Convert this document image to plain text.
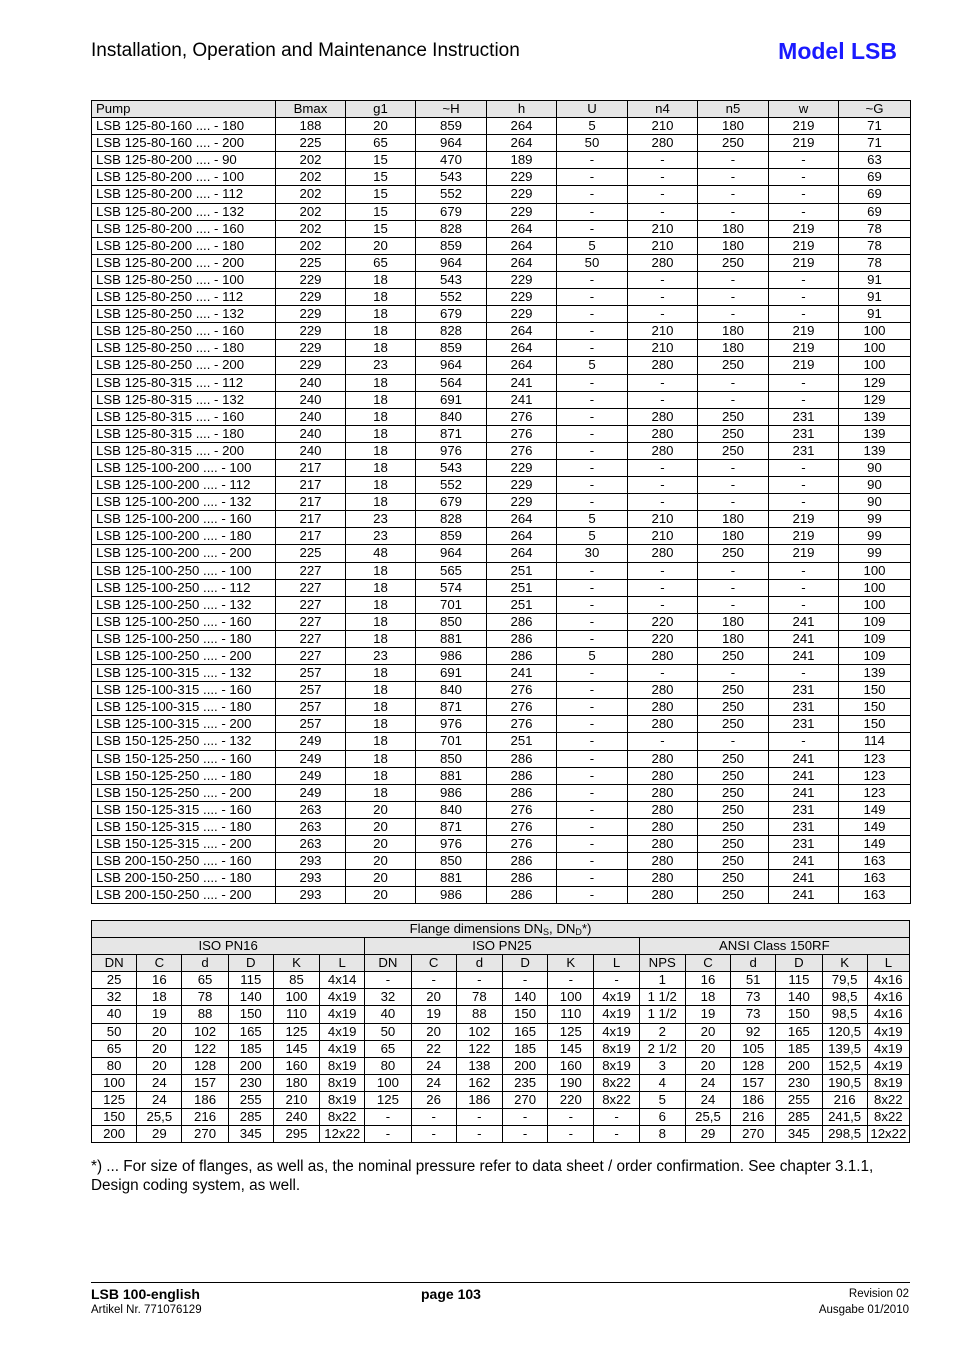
Installation, Operation and Maintenance Instruction	Model LSB
Pump	Bmax	g1	~H	h	U	n4	n5	w	~G
LSB 125-80-160 .... - 180	188	20	859	264	5	210	180	219	71
LSB 125-80-160 .... - 200	225	65	964	264	50	280	250	219	71
LSB 125-80-200 .... - 90	202	15	470	189	-	-	-	-	63
LSB 125-80-200 .... - 100	202	15	543	229	-	-	-	-	69
LSB 125-80-200 .... - 112	202	15	552	229	-	-	-	-	69
LSB 125-80-200 .... - 132	202	15	679	229	-	-	-	-	69
LSB 125-80-200 .... - 160	202	15	828	264	-	210	180	219	78
LSB 125-80-200 .... - 180	202	20	859	264	5	210	180	219	78
LSB 125-80-200 .... - 200	225	65	964	264	50	280	250	219	78
LSB 125-80-250 .... - 100	229	18	543	229	-	-	-	-	91
LSB 125-80-250 .... - 112	229	18	552	229	-	-	-	-	91
LSB 125-80-250 .... - 132	229	18	679	229	-	-	-	-	91
LSB 125-80-250 .... - 160	229	18	828	264	-	210	180	219	100
LSB 125-80-250 .... - 180	229	18	859	264	-	210	180	219	100
LSB 125-80-250 .... - 200	229	23	964	264	5	280	250	219	100
LSB 125-80-315 .... - 112	240	18	564	241	-	-	-	-	129
LSB 125-80-315 .... - 132	240	18	691	241	-	-	-	-	129
LSB 125-80-315 .... - 160	240	18	840	276	-	280	250	231	139
LSB 125-80-315 .... - 180	240	18	871	276	-	280	250	231	139
LSB 125-80-315 .... - 200	240	18	976	276	-	280	250	231	139
LSB 125-100-200 .... - 100	217	18	543	229	-	-	-	-	90
LSB 125-100-200 .... - 112	217	18	552	229	-	-	-	-	90
LSB 125-100-200 .... - 132	217	18	679	229	-	-	-	-	90
LSB 125-100-200 .... - 160	217	23	828	264	5	210	180	219	99
LSB 125-100-200 .... - 180	217	23	859	264	5	210	180	219	99
LSB 125-100-200 .... - 200	225	48	964	264	30	280	250	219	99
LSB 125-100-250 .... - 100	227	18	565	251	-	-	-	-	100
LSB 125-100-250 .... - 112	227	18	574	251	-	-	-	-	100
LSB 125-100-250 .... - 132	227	18	701	251	-	-	-	-	100
LSB 125-100-250 .... - 160	227	18	850	286	-	220	180	241	109
LSB 125-100-250 .... - 180	227	18	881	286	-	220	180	241	109
LSB 125-100-250 .... - 200	227	23	986	286	5	280	250	241	109
LSB 125-100-315 .... - 132	257	18	691	241	-	-	-	-	139
LSB 125-100-315 .... - 160	257	18	840	276	-	280	250	231	150
LSB 125-100-315 .... - 180	257	18	871	276	-	280	250	231	150
LSB 125-100-315 .... - 200	257	18	976	276	-	280	250	231	150
LSB 150-125-250 .... - 132	249	18	701	251	-	-	-	-	114
LSB 150-125-250 .... - 160	249	18	850	286	-	280	250	241	123
LSB 150-125-250 .... - 180	249	18	881	286	-	280	250	241	123
LSB 150-125-250 .... - 200	249	18	986	286	-	280	250	241	123
LSB 150-125-315 .... - 160	263	20	840	276	-	280	250	231	149
LSB 150-125-315 .... - 180	263	20	871	276	-	280	250	231	149
LSB 150-125-315 .... - 200	263	20	976	276	-	280	250	231	149
LSB 200-150-250 .... - 160	293	20	850	286	-	280	250	241	163
LSB 200-150-250 .... - 180	293	20	881	286	-	280	250	241	163
LSB 200-150-250 .... - 200	293	20	986	286	-	280	250	241	163
Flange dimensions $DN_S$, $DN_D*$)																	
ISO PN16						ISO PN25						ANSI Class 150RF					
DN	C	d	D	K	L	DN	C	d	D	K	L	NPS	C	d	D	K	L
25	16	65	115	85	4x14	-	-	-	-	-	-	1	16	51	115	79,5	4x16
32	18	78	140	100	4x19	32	20	78	140	100	4x19	1 1/2	18	73	140	98,5	4x16
40	19	88	150	110	4x19	40	19	88	150	110	4x19	1 1/2	19	73	150	98,5	4x16
50	20	102	165	125	4x19	50	20	102	165	125	4x19	2	20	92	165	120,5	4x19
65	20	122	185	145	4x19	65	22	122	185	145	8x19	2 1/2	20	105	185	139,5	4x19
80	20	128	200	160	8x19	80	24	138	200	160	8x19	3	20	128	200	152,5	4x19
100	24	157	230	180	8x19	100	24	162	235	190	8x22	4	24	157	230	190,5	8x19
125	24	186	255	210	8x19	125	26	186	270	220	8x22	5	24	186	255	216	8x22
150	25,5	216	285	240	8x22	-	-	-	-	-	-	6	25,5	216	285	241,5	8x22
200	29	270	345	295	12x22	-	-	-	-	-	-	8	29	270	345	298,5	12x22
*) ... For size of flanges, as well as, the nominal pressure refer to data sheet / order confirmation. See chapter 3.1.1, Design coding system, as well.
LSB 100-english
Artikel Nr. 771076129
page 103	Revision 02
Ausgabe 01/2010
